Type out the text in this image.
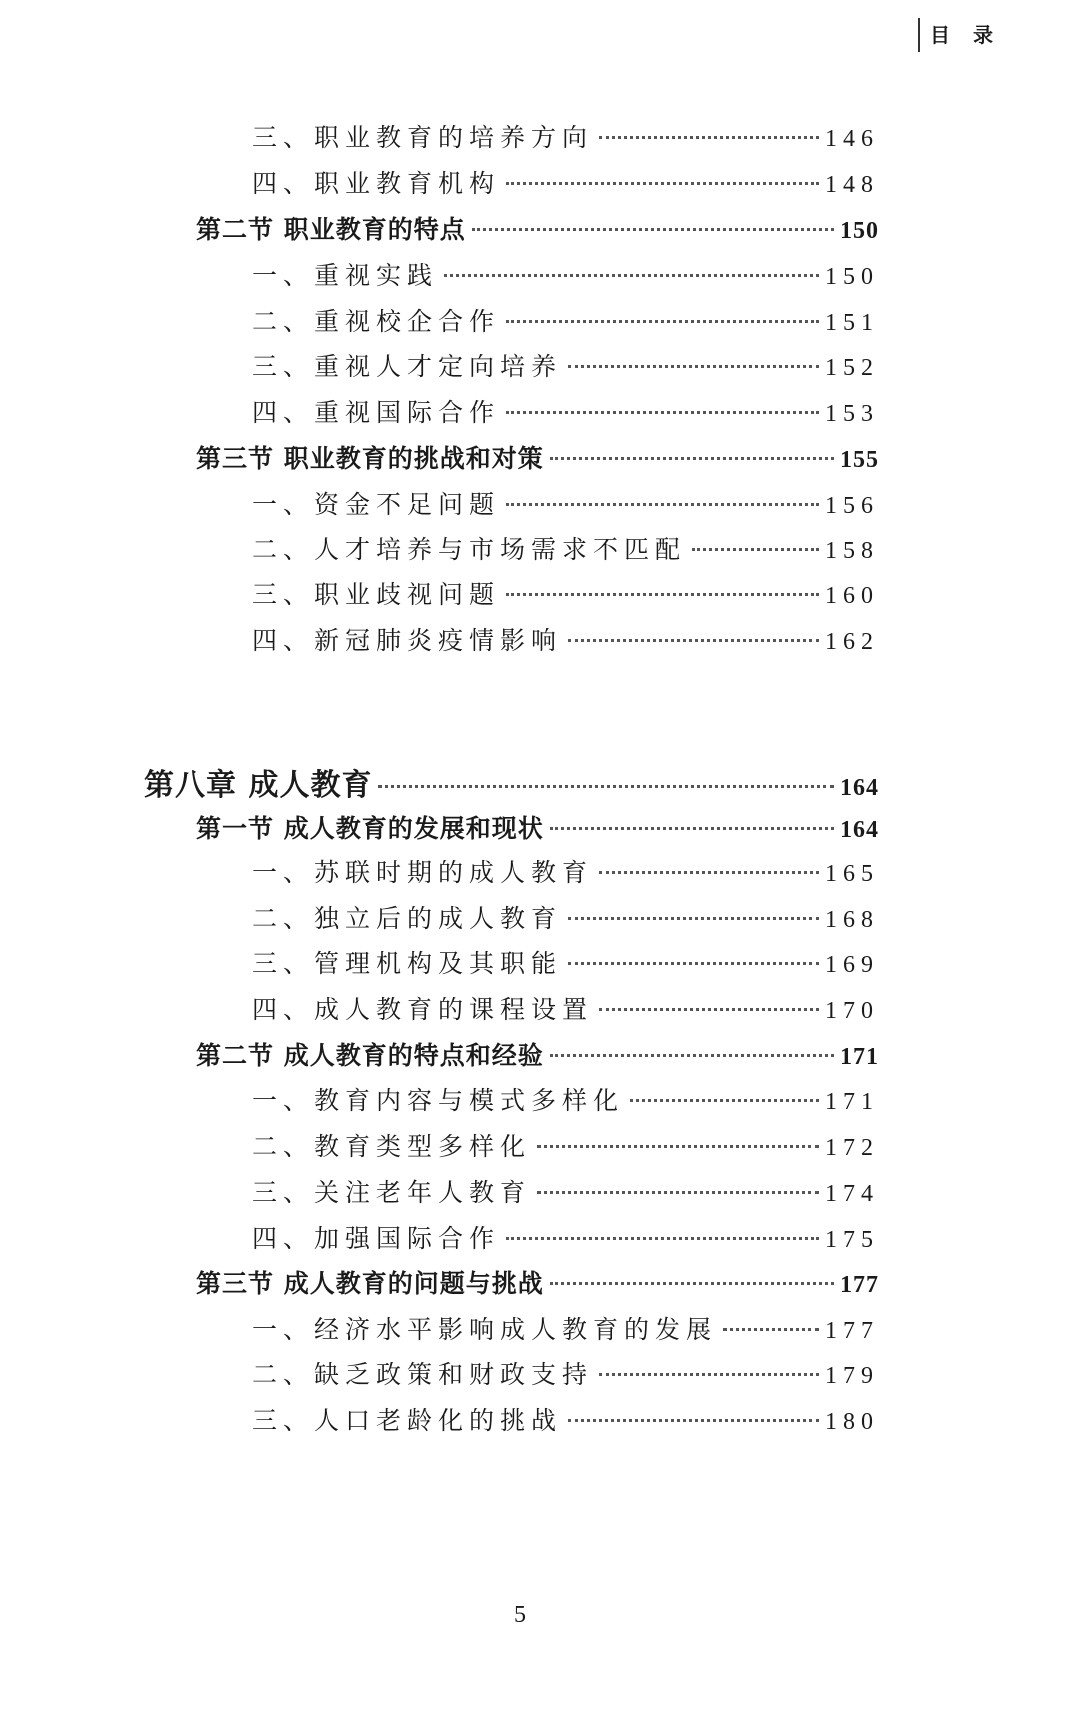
目 录
三、职业教育的培养方向	146
四、职业教育机构	148
第二节 职业教育的特点	150
一、重视实践	150
二、重视校企合作	151
三、重视人才定向培养	152
四、重视国际合作	153
第三节 职业教育的挑战和对策	155
一、资金不足问题	156
二、人才培养与市场需求不匹配	158
三、职业歧视问题	160
四、新冠肺炎疫情影响	162
第八章 成人教育	164
第一节 成人教育的发展和现状	164
一、苏联时期的成人教育	165
二、独立后的成人教育	168
三、管理机构及其职能	169
四、成人教育的课程设置	170
第二节 成人教育的特点和经验	171
一、教育内容与模式多样化	171
二、教育类型多样化	172
三、关注老年人教育	174
四、加强国际合作	175
第三节 成人教育的问题与挑战	177
一、经济水平影响成人教育的发展	177
二、缺乏政策和财政支持	179
三、人口老龄化的挑战	180
5
